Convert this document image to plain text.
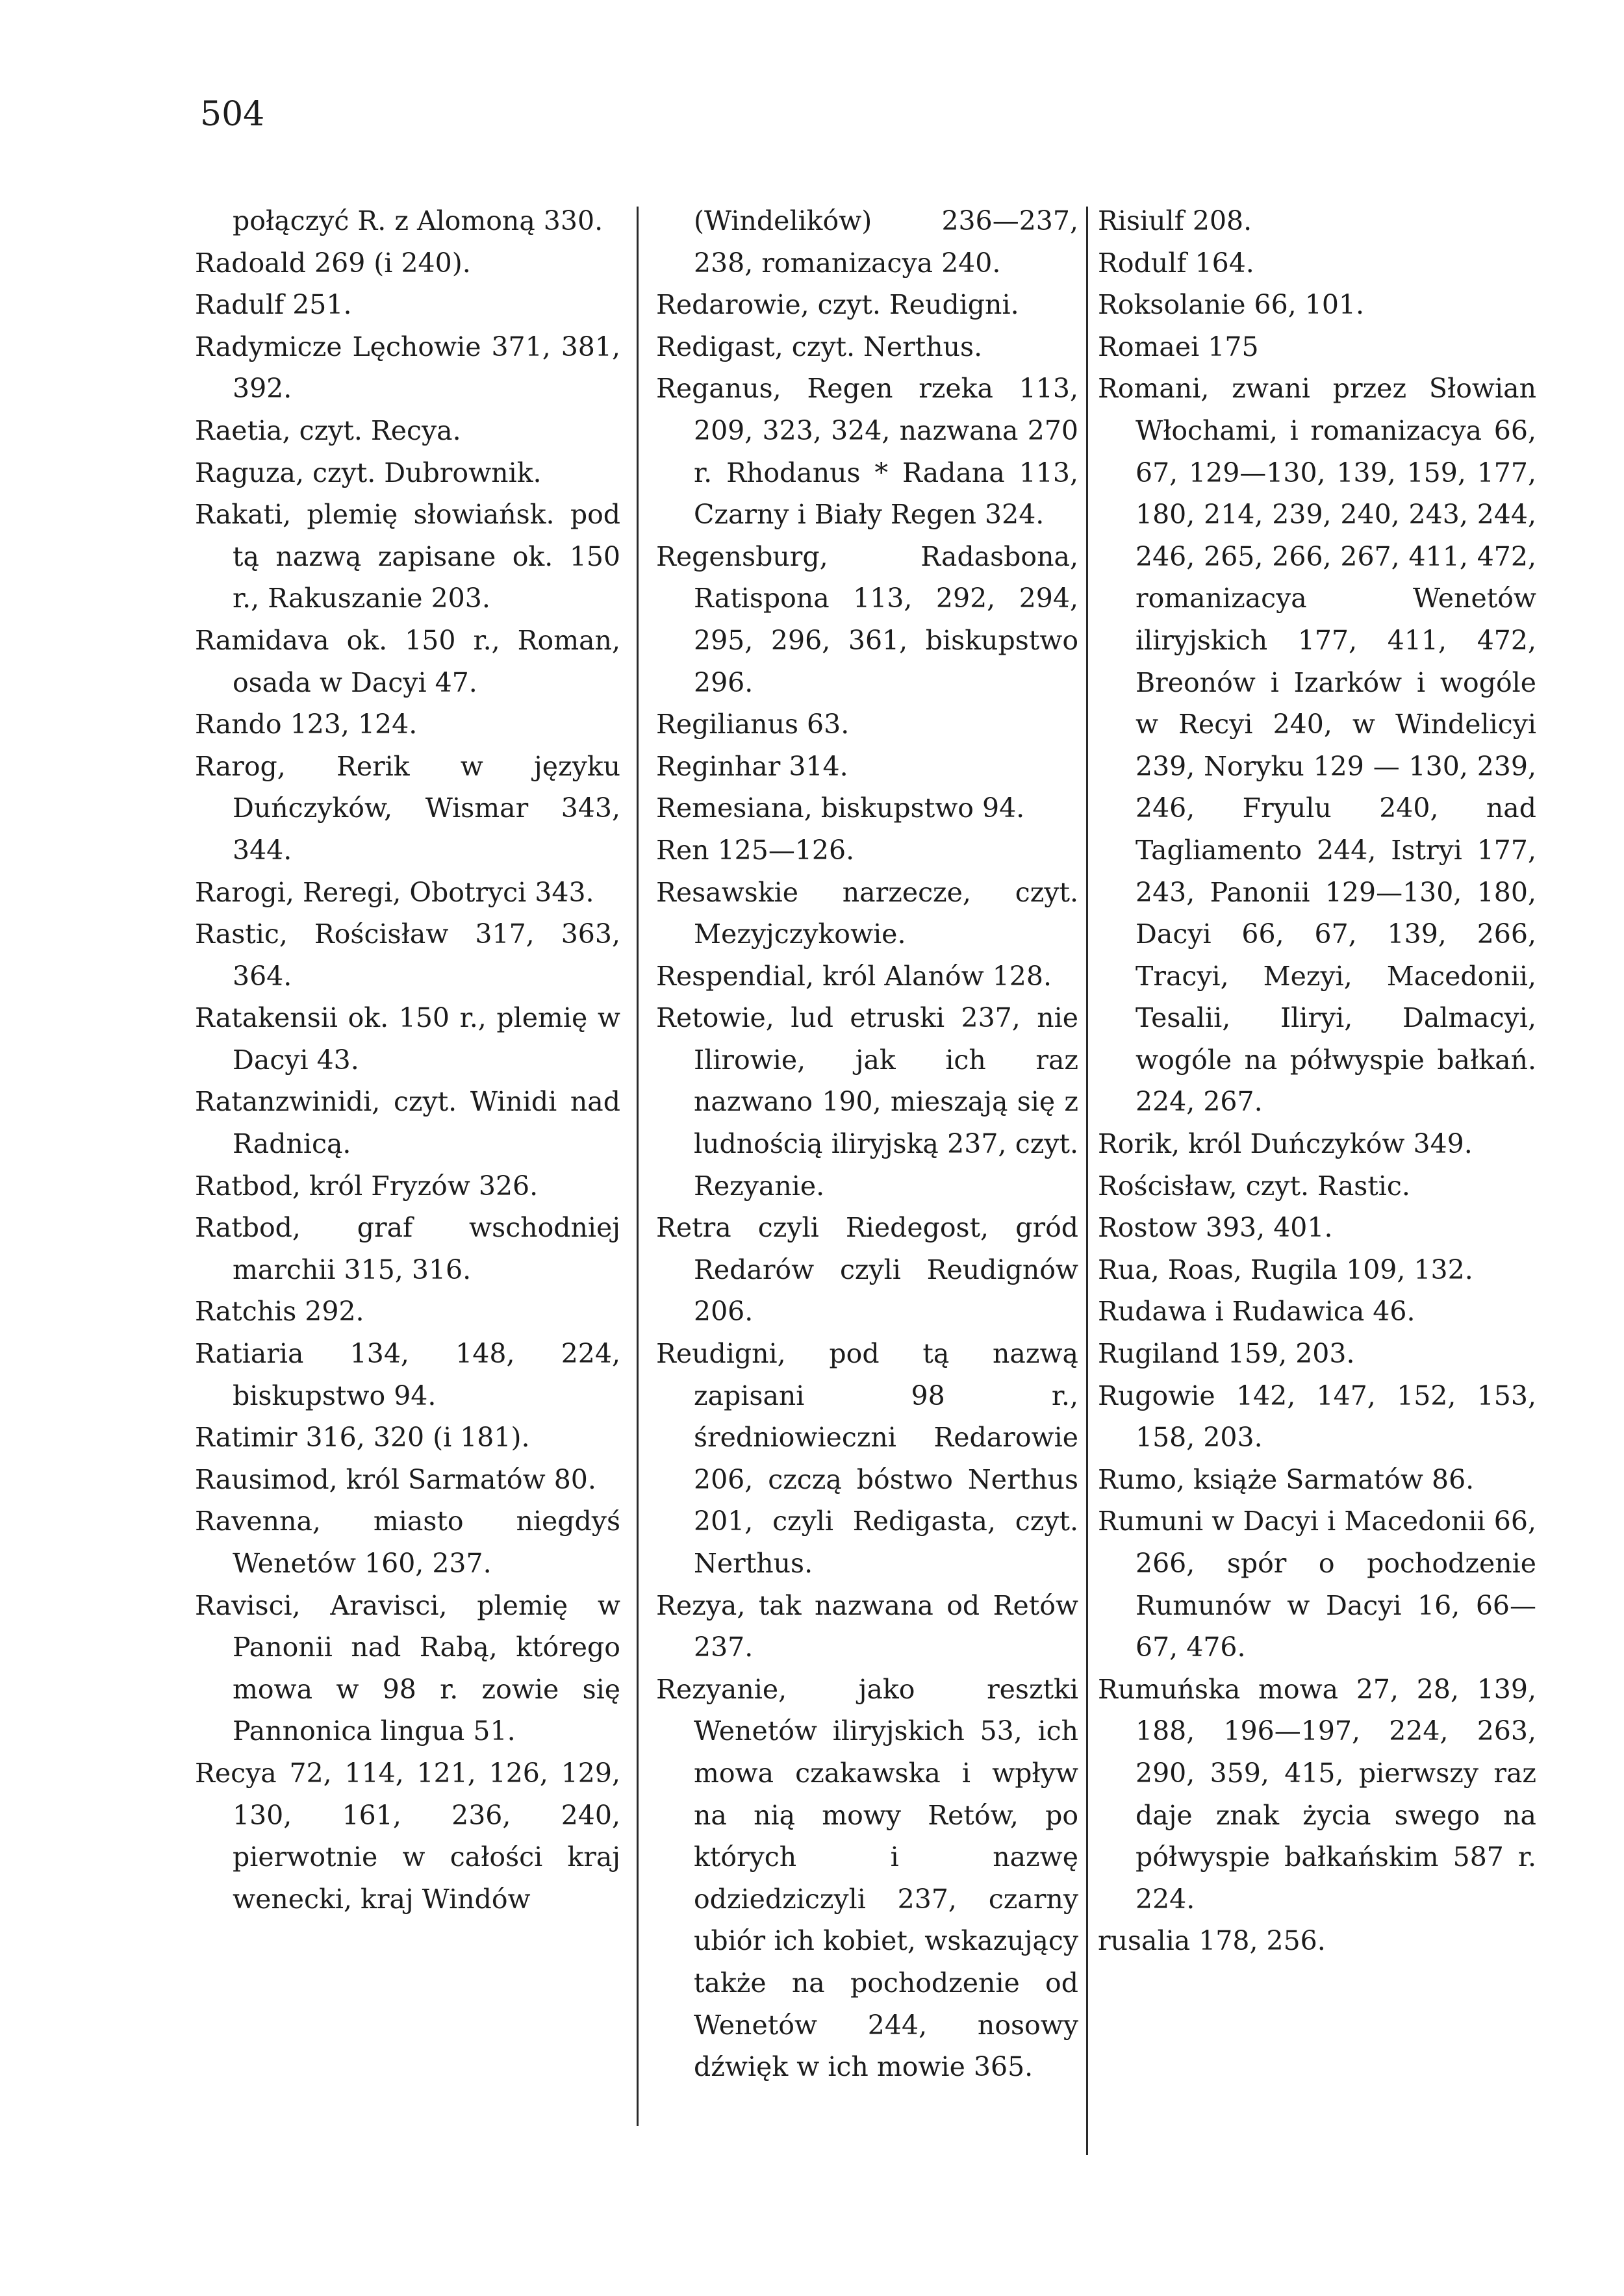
504

połączyć R. z Alomoną 330.

Radoald 269 (i 240).

Radulf 251.

Radymicze Lęchowie 371, 381, 392.

Raetia, czyt. Recya.

Raguza, czyt. Dubrownik.

Rakati, plemię słowiańsk. pod tą nazwą zapisane ok. 150 r., Rakuszanie 203.

Ramidava ok. 150 r., Roman, osada w Dacyi 47.

Rando 123, 124.

Rarog, Rerik w języku Duńczyków, Wismar 343, 344.

Rarogi, Reregi, Obotryci 343.

Rastic, Rościsław 317, 363, 364.

Ratakensii ok. 150 r., plemię w Dacyi 43.

Ratanzwinidi, czyt. Winidi nad Radnicą.

Ratbod, król Fryzów 326.

Ratbod, graf wschodniej marchii 315, 316.

Ratchis 292.

Ratiaria 134, 148, 224, biskupstwo 94.

Ratimir 316, 320 (i 181).

Rausimod, król Sarmatów 80.

Ravenna, miasto niegdyś Wenetów 160, 237.

Ravisci, Aravisci, plemię w Panonii nad Rabą, którego mowa w 98 r. zowie się Pannonica lingua 51.

Recya 72, 114, 121, 126, 129, 130, 161, 236, 240, pierwotnie w całości kraj wenecki, kraj Windów

(Windelików) 236—237, 238, romanizacya 240.

Redarowie, czyt. Reudigni.

Redigast, czyt. Nerthus.

Reganus, Regen rzeka 113, 209, 323, 324, nazwana 270 r. Rhodanus * Radana 113, Czarny i Biały Regen 324.

Regensburg, Radasbona, Ratispona 113, 292, 294, 295, 296, 361, biskupstwo 296.

Regilianus 63.

Reginhar 314.

Remesiana, biskupstwo 94.

Ren 125—126.

Resawskie narzecze, czyt. Mezyjczykowie.

Respendial, król Alanów 128.

Retowie, lud etruski 237, nie Ilirowie, jak ich raz nazwano 190, mieszają się z ludnością iliryjską 237, czyt. Rezyanie.

Retra czyli Riedegost, gród Redarów czyli Reudignów 206.

Reudigni, pod tą nazwą zapisani 98 r., średniowieczni Redarowie 206, czczą bóstwo Nerthus 201, czyli Redigasta, czyt. Nerthus.

Rezya, tak nazwana od Retów 237.

Rezyanie, jako resztki Wenetów iliryjskich 53, ich mowa czakawska i wpływ na nią mowy Retów, po których i nazwę odziedziczyli 237, czarny ubiór ich kobiet, wskazujący także na pochodzenie od Wenetów 244, nosowy dźwięk w ich mowie 365.

Risiulf 208.

Rodulf 164.

Roksolanie 66, 101.

Romaei 175

Romani, zwani przez Słowian Włochami, i romanizacya 66, 67, 129—130, 139, 159, 177, 180, 214, 239, 240, 243, 244, 246, 265, 266, 267, 411, 472, romanizacya Wenetów iliryjskich 177, 411, 472, Breonów i Izarków i wogóle w Recyi 240, w Windelicyi 239, Noryku 129 — 130, 239, 246, Fryulu 240, nad Tagliamento 244, Istryi 177, 243, Panonii 129—130, 180, Dacyi 66, 67, 139, 266, Tracyi, Mezyi, Macedonii, Tesalii, Iliryi, Dalmacyi, wogóle na półwyspie bałkań. 224, 267.

Rorik, król Duńczyków 349.

Rościsław, czyt. Rastic.

Rostow 393, 401.

Rua, Roas, Rugila 109, 132.

Rudawa i Rudawica 46.

Rugiland 159, 203.

Rugowie 142, 147, 152, 153, 158, 203.

Rumo, książe Sarmatów 86.

Rumuni w Dacyi i Macedonii 66, 266, spór o pochodzenie Rumunów w Dacyi 16, 66—67, 476.

Rumuńska mowa 27, 28, 139, 188, 196—197, 224, 263, 290, 359, 415, pierwszy raz daje znak życia swego na półwyspie bałkańskim 587 r. 224.

rusalia 178, 256.
